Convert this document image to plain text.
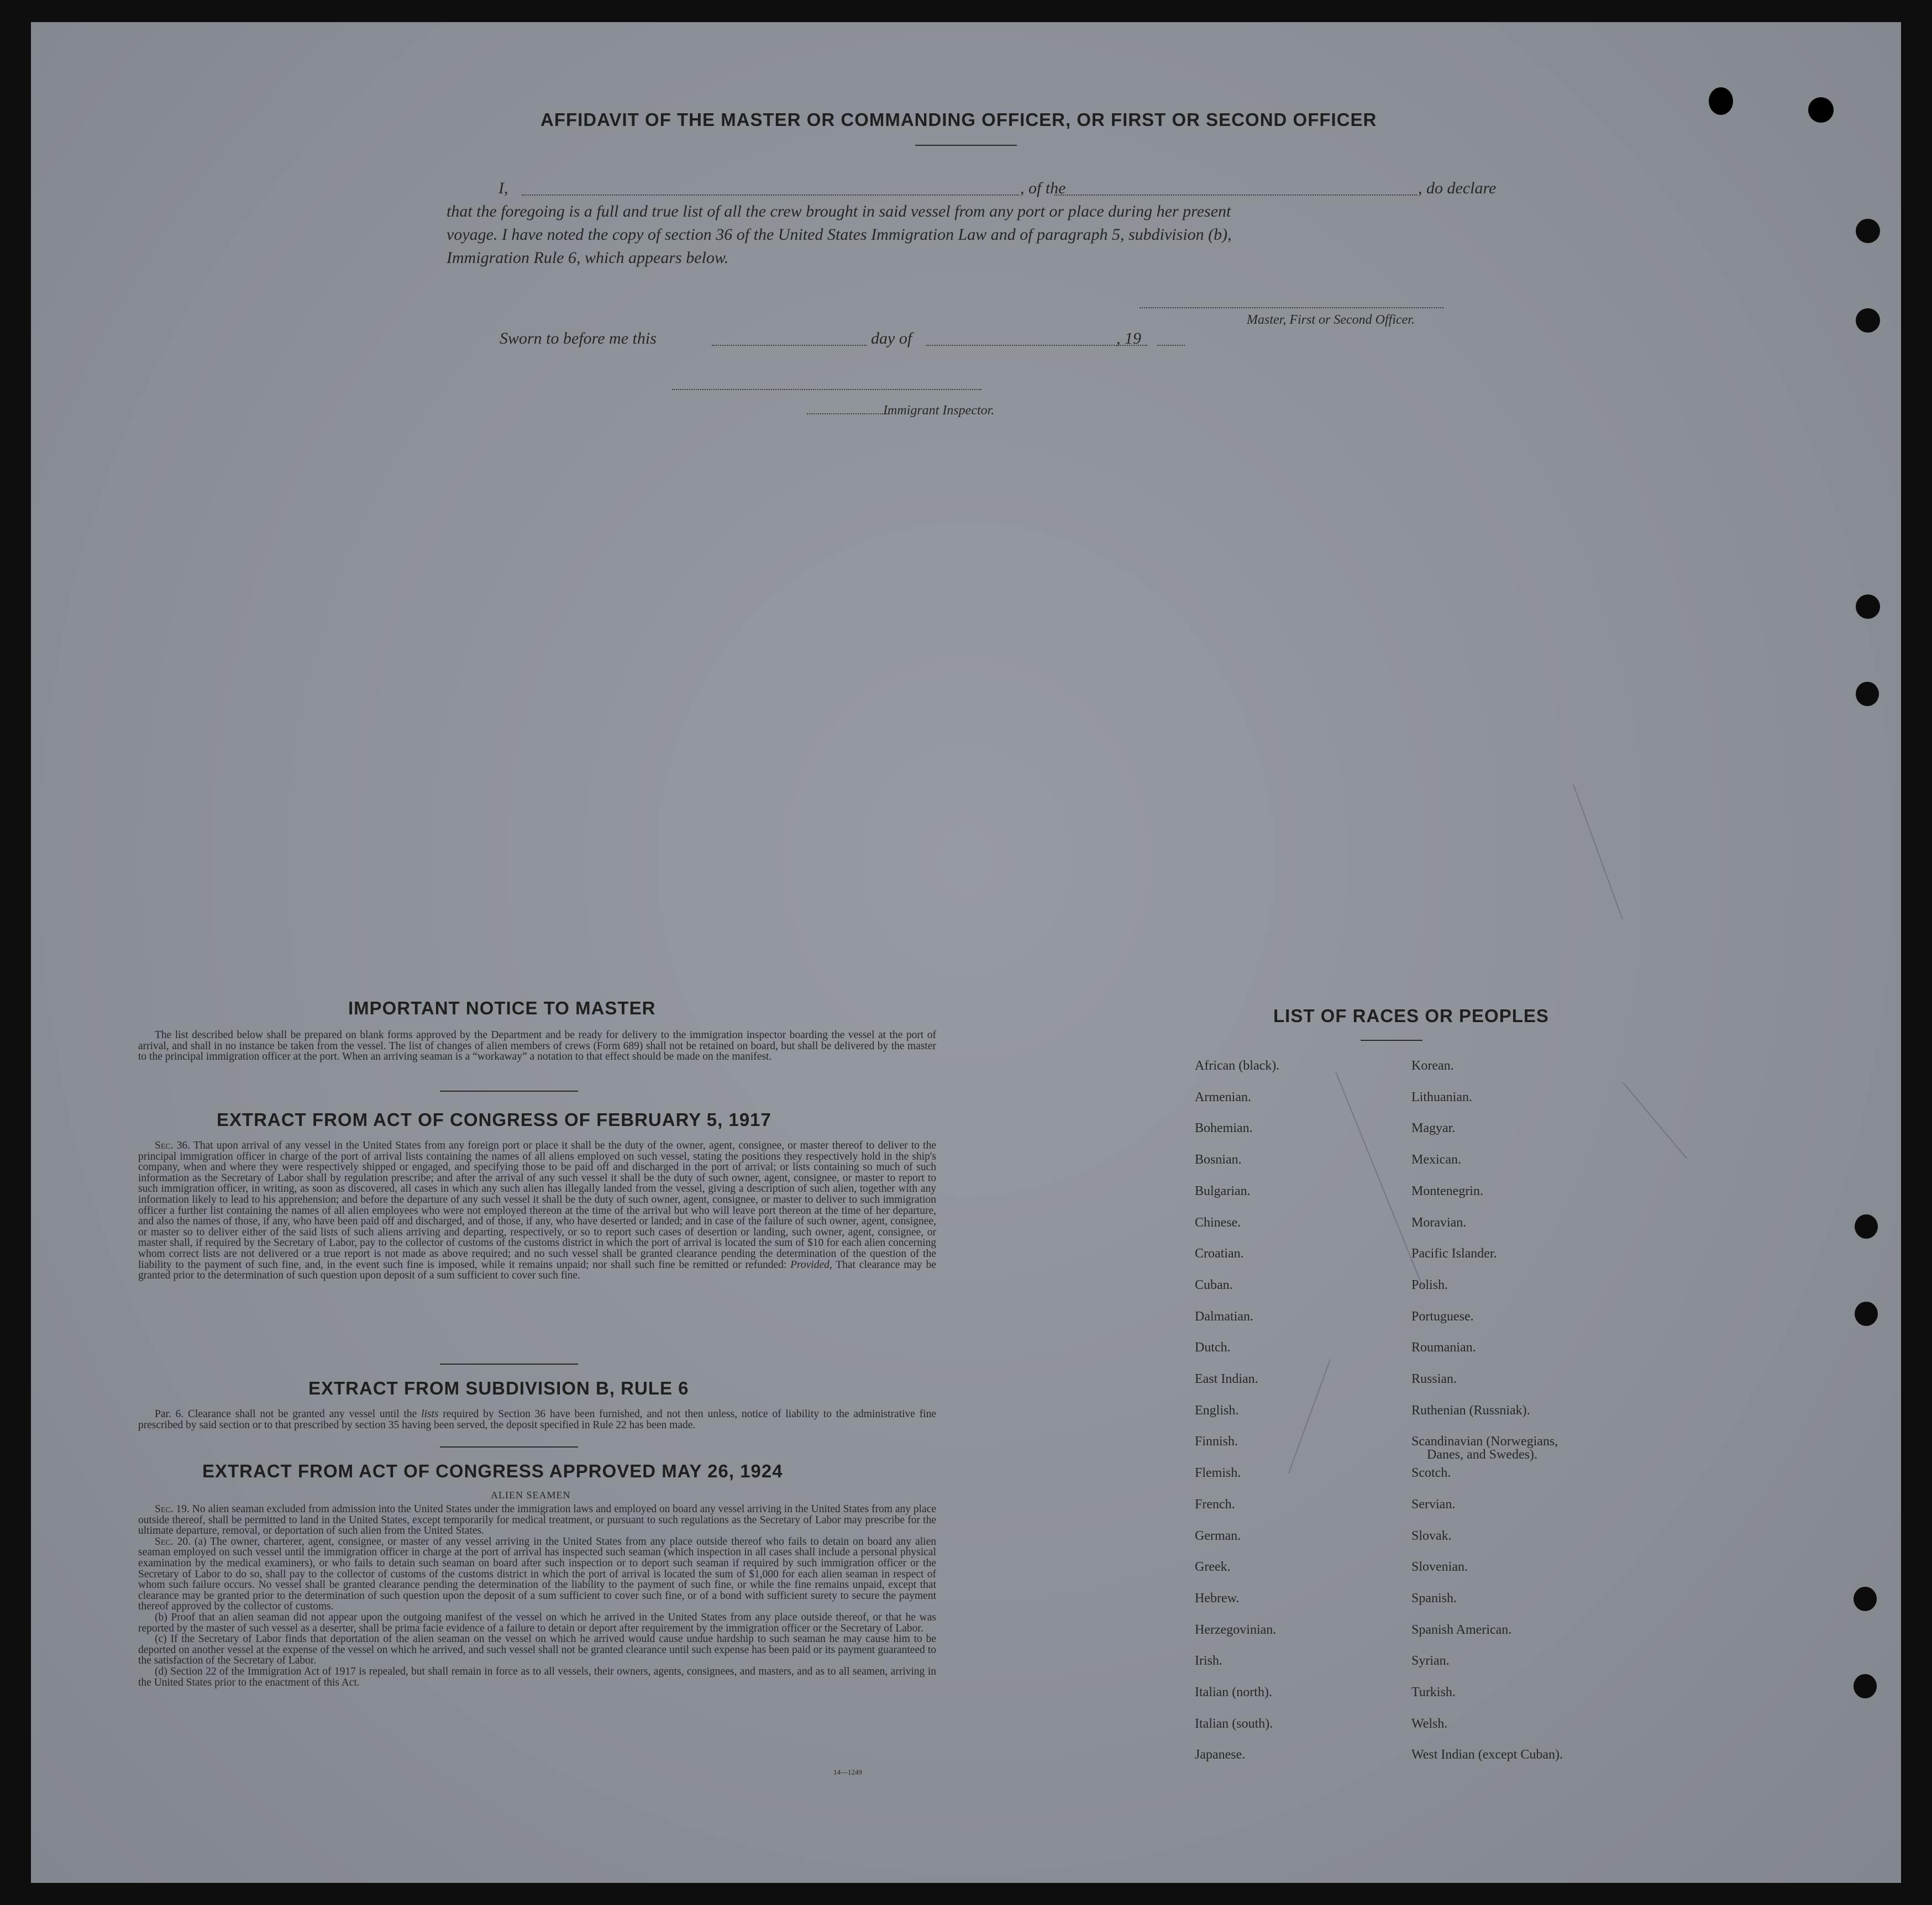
AFFIDAVIT OF THE MASTER OR COMMANDING OFFICER, OR FIRST OR SECOND OFFICER
I,	, of the	, do declare
that the foregoing is a full and true list of all the crew brought in said vessel from any port or place during her present
voyage. I have noted the copy of section 36 of the United States Immigration Law and of paragraph 5, subdivision (b),
Immigration Rule 6, which appears below.
Master, First or Second Officer.
Sworn to before me this	day of	, 19
Immigrant Inspector.
IMPORTANT NOTICE TO MASTER
The list described below shall be prepared on blank forms approved by the Department and be ready for delivery to the immigration inspector boarding the vessel at the port of arrival, and shall in no instance be taken from the vessel. The list of changes of alien members of crews (Form 689) shall not be retained on board, but shall be delivered by the master to the principal immigration officer at the port. When an arriving seaman is a “workaway” a notation to that effect should be made on the manifest.
EXTRACT FROM ACT OF CONGRESS OF FEBRUARY 5, 1917
Sec. 36. That upon arrival of any vessel in the United States from any foreign port or place it shall be the duty of the owner, agent, consignee, or master thereof to deliver to the principal immigration officer in charge of the port of arrival lists containing the names of all aliens employed on such vessel, stating the positions they respectively hold in the ship's company, when and where they were respectively shipped or engaged, and specifying those to be paid off and discharged in the port of arrival; or lists containing so much of such information as the Secretary of Labor shall by regulation prescribe; and after the arrival of any such vessel it shall be the duty of such owner, agent, consignee, or master to report to such immigration officer, in writing, as soon as discovered, all cases in which any such alien has illegally landed from the vessel, giving a description of such alien, together with any information likely to lead to his apprehension; and before the departure of any such vessel it shall be the duty of such owner, agent, consignee, or master to deliver to such immigration officer a further list containing the names of all alien employees who were not employed thereon at the time of the arrival but who will leave port thereon at the time of her departure, and also the names of those, if any, who have been paid off and discharged, and of those, if any, who have deserted or landed; and in case of the failure of such owner, agent, consignee, or master so to deliver either of the said lists of such aliens arriving and departing, respectively, or so to report such cases of desertion or landing, such owner, agent, consignee, or master shall, if required by the Secretary of Labor, pay to the collector of customs of the customs district in which the port of arrival is located the sum of $10 for each alien concerning whom correct lists are not delivered or a true report is not made as above required; and no such vessel shall be granted clearance pending the determination of the question of the liability to the payment of such fine, and, in the event such fine is imposed, while it remains unpaid; nor shall such fine be remitted or refunded: Provided, That clearance may be granted prior to the determination of such question upon deposit of a sum sufficient to cover such fine.
EXTRACT FROM SUBDIVISION B, RULE 6
Par. 6. Clearance shall not be granted any vessel until the lists required by Section 36 have been furnished, and not then unless, notice of liability to the administrative fine prescribed by said section or to that prescribed by section 35 having been served, the deposit specified in Rule 22 has been made.
EXTRACT FROM ACT OF CONGRESS APPROVED MAY 26, 1924
ALIEN SEAMEN
Sec. 19. No alien seaman excluded from admission into the United States under the immigration laws and employed on board any vessel arriving in the United States from any place outside thereof, shall be permitted to land in the United States, except temporarily for medical treatment, or pursuant to such regulations as the Secretary of Labor may prescribe for the ultimate departure, removal, or deportation of such alien from the United States.
Sec. 20. (a) The owner, charterer, agent, consignee, or master of any vessel arriving in the United States from any place outside thereof who fails to detain on board any alien seaman employed on such vessel until the immigration officer in charge at the port of arrival has inspected such seaman (which inspection in all cases shall include a personal physical examination by the medical examiners), or who fails to detain such seaman on board after such inspection or to deport such seaman if required by such immigration officer or the Secretary of Labor to do so, shall pay to the collector of customs of the customs district in which the port of arrival is located the sum of $1,000 for each alien seaman in respect of whom such failure occurs. No vessel shall be granted clearance pending the determination of the liability to the payment of such fine, or while the fine remains unpaid, except that clearance may be granted prior to the determination of such question upon the deposit of a sum sufficient to cover such fine, or of a bond with sufficient surety to secure the payment thereof approved by the collector of customs.
(b) Proof that an alien seaman did not appear upon the outgoing manifest of the vessel on which he arrived in the United States from any place outside thereof, or that he was reported by the master of such vessel as a deserter, shall be prima facie evidence of a failure to detain or deport after requirement by the immigration officer or the Secretary of Labor.
(c) If the Secretary of Labor finds that deportation of the alien seaman on the vessel on which he arrived would cause undue hardship to such seaman he may cause him to be deported on another vessel at the expense of the vessel on which he arrived, and such vessel shall not be granted clearance until such expense has been paid or its payment guaranteed to the satisfaction of the Secretary of Labor.
(d) Section 22 of the Immigration Act of 1917 is repealed, but shall remain in force as to all vessels, their owners, agents, consignees, and masters, and as to all seamen, arriving in the United States prior to the enactment of this Act.
14—1249
LIST OF RACES OR PEOPLES
African (black).
Armenian.
Bohemian.
Bosnian.
Bulgarian.
Chinese.
Croatian.
Cuban.
Dalmatian.
Dutch.
East Indian.
English.
Finnish.
Flemish.
French.
German.
Greek.
Hebrew.
Herzegovinian.
Irish.
Italian (north).
Italian (south).
Japanese.
Korean.
Lithuanian.
Magyar.
Mexican.
Montenegrin.
Moravian.
Pacific Islander.
Polish.
Portuguese.
Roumanian.
Russian.
Ruthenian (Russniak).
Scandinavian (Norwegians,
Danes, and Swedes).
Scotch.
Servian.
Slovak.
Slovenian.
Spanish.
Spanish American.
Syrian.
Turkish.
Welsh.
West Indian (except Cuban).
